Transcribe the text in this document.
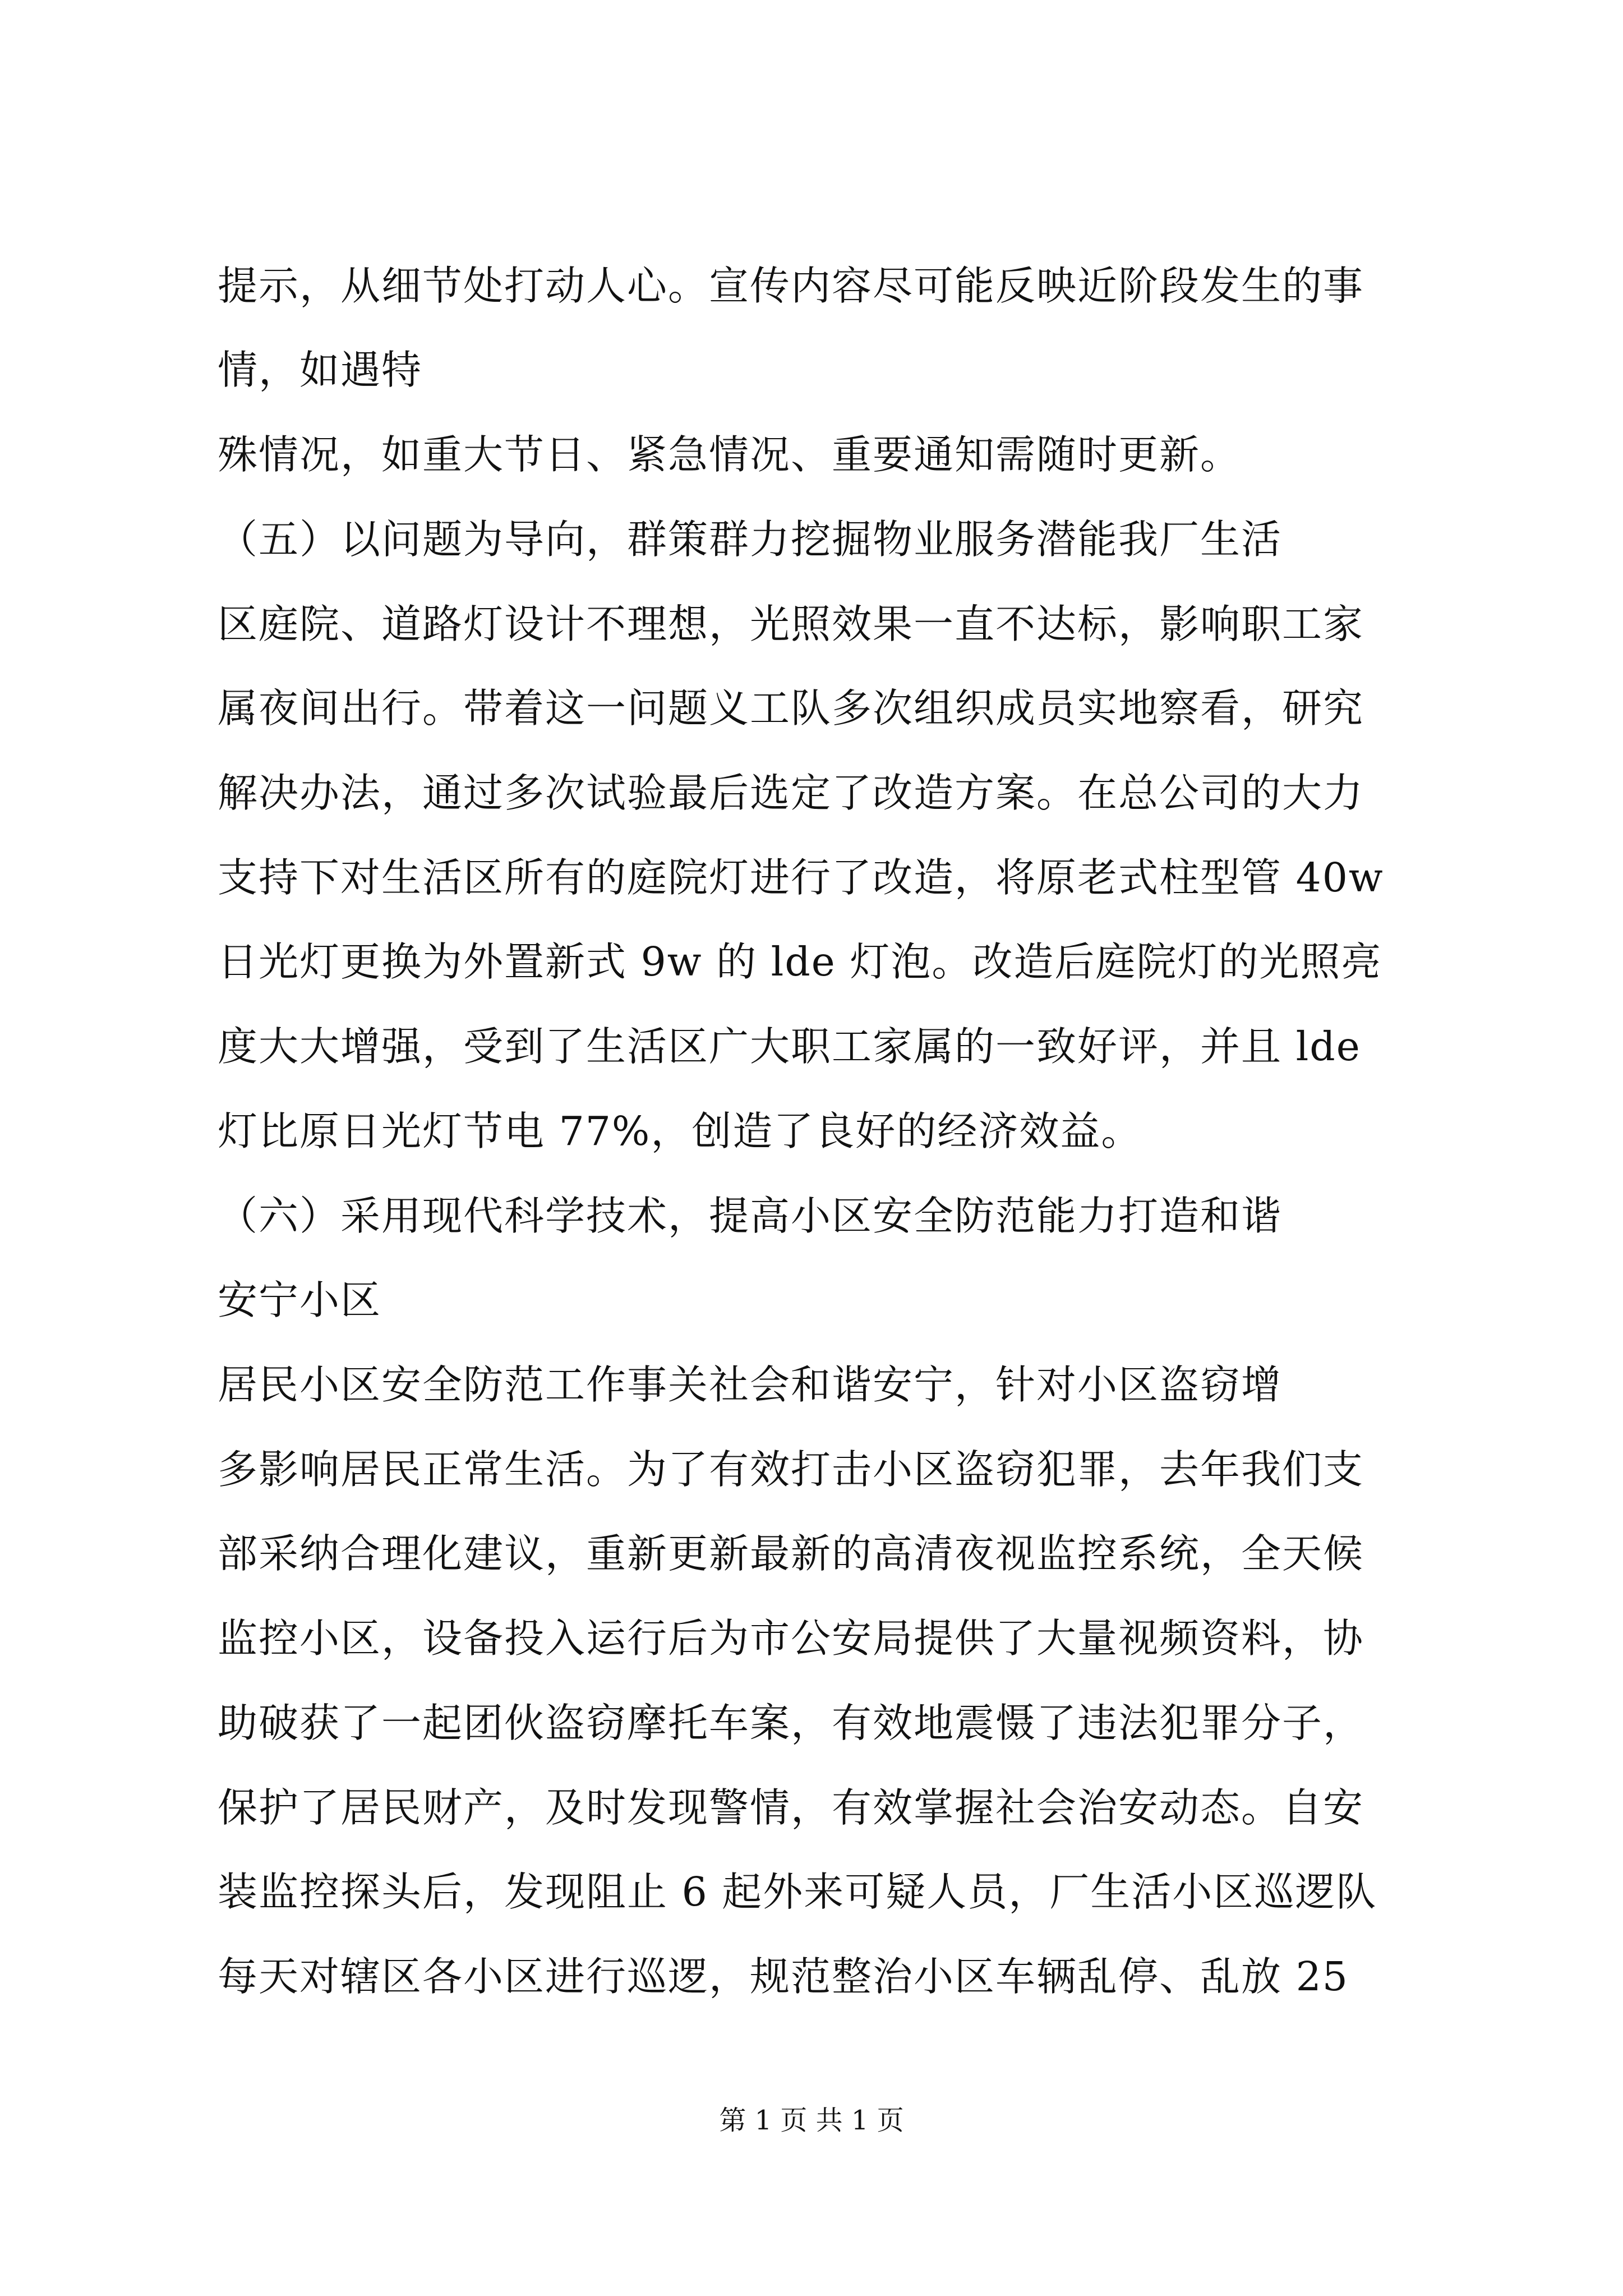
提示，从细节处打动人心。宣传内容尽可能反映近阶段发生的事
情，如遇特
殊情况，如重大节日、紧急情况、重要通知需随时更新。
（五）以问题为导向，群策群力挖掘物业服务潜能我厂生活
区庭院、道路灯设计不理想，光照效果一直不达标，影响职工家
属夜间出行。带着这一问题义工队多次组织成员实地察看，研究
解决办法，通过多次试验最后选定了改造方案。在总公司的大力
支持下对生活区所有的庭院灯进行了改造，将原老式柱型管 40w
日光灯更换为外置新式 9w 的 lde 灯泡。改造后庭院灯的光照亮
度大大增强，受到了生活区广大职工家属的一致好评，并且 lde
灯比原日光灯节电 77%，创造了良好的经济效益。
（六）采用现代科学技术，提高小区安全防范能力打造和谐
安宁小区
居民小区安全防范工作事关社会和谐安宁，针对小区盗窃增
多影响居民正常生活。为了有效打击小区盗窃犯罪，去年我们支
部采纳合理化建议，重新更新最新的高清夜视监控系统，全天候
监控小区，设备投入运行后为市公安局提供了大量视频资料，协
助破获了一起团伙盗窃摩托车案，有效地震慑了违法犯罪分子，
保护了居民财产，及时发现警情，有效掌握社会治安动态。自安
装监控探头后，发现阻止 6 起外来可疑人员，厂生活小区巡逻队
每天对辖区各小区进行巡逻，规范整治小区车辆乱停、乱放 25
第 1 页 共 1 页
